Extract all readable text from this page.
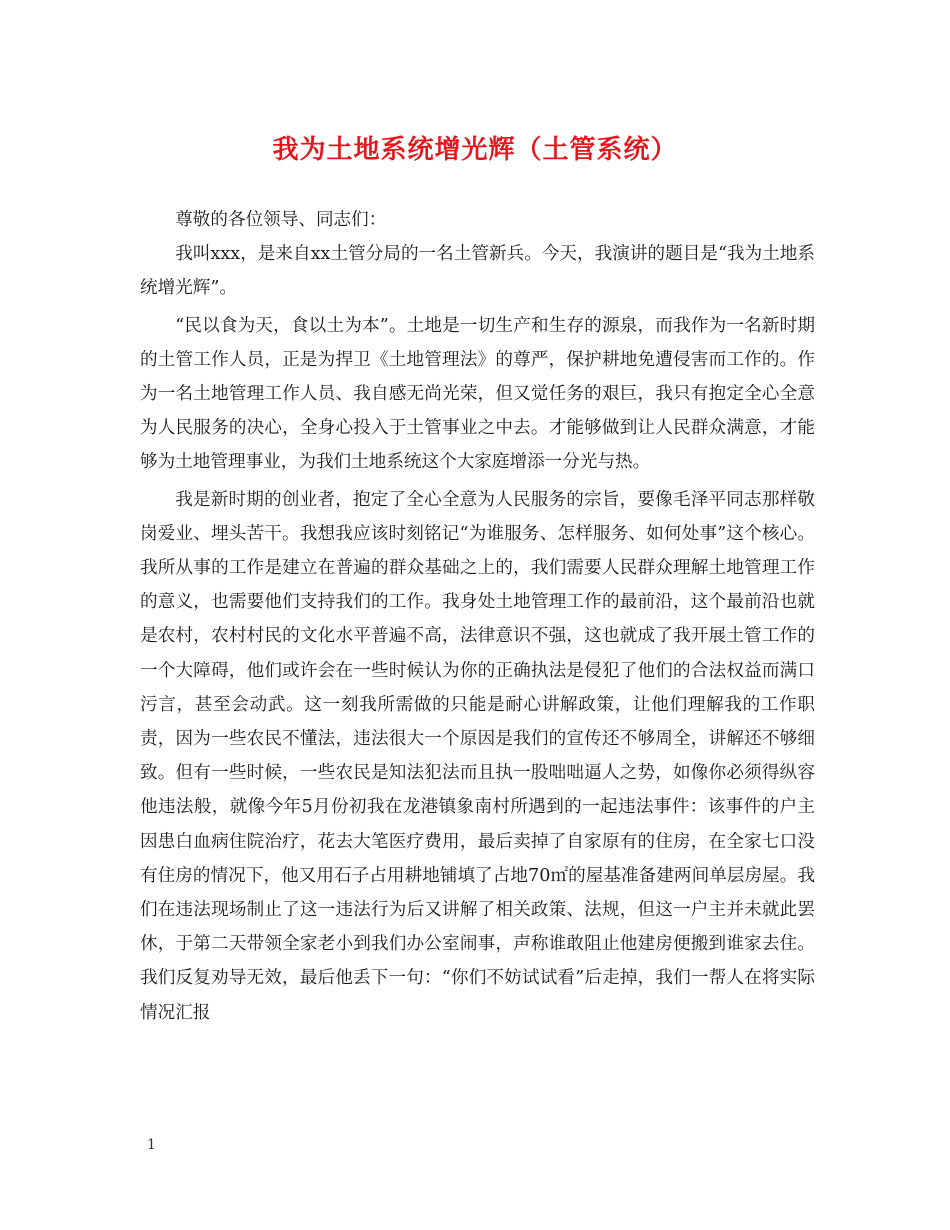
我为土地系统增光辉（土管系统）

尊敬的各位领导、同志们：

我叫xxx，是来自xx土管分局的一名土管新兵。今天，我演讲的题目是“我为土地系统增光辉”。

“民以食为天，食以土为本”。土地是一切生产和生存的源泉，而我作为一名新时期的土管工作人员，正是为捍卫《土地管理法》的尊严，保护耕地免遭侵害而工作的。作为一名土地管理工作人员、我自感无尚光荣，但又觉任务的艰巨，我只有抱定全心全意为人民服务的决心，全身心投入于土管事业之中去。才能够做到让人民群众满意，才能够为土地管理事业，为我们土地系统这个大家庭增添一分光与热。

我是新时期的创业者，抱定了全心全意为人民服务的宗旨，要像毛泽平同志那样敬岗爱业、埋头苦干。我想我应该时刻铭记“为谁服务、怎样服务、如何处事”这个核心。我所从事的工作是建立在普遍的群众基础之上的，我们需要人民群众理解土地管理工作的意义，也需要他们支持我们的工作。我身处土地管理工作的最前沿，这个最前沿也就是农村，农村村民的文化水平普遍不高，法律意识不强，这也就成了我开展土管工作的一个大障碍，他们或许会在一些时候认为你的正确执法是侵犯了他们的合法权益而满口污言，甚至会动武。这一刻我所需做的只能是耐心讲解政策，让他们理解我的工作职责，因为一些农民不懂法，违法很大一个原因是我们的宣传还不够周全，讲解还不够细致。但有一些时候，一些农民是知法犯法而且执一股咄咄逼人之势，如像你必须得纵容他违法般，就像今年5月份初我在龙港镇象南村所遇到的一起违法事件：该事件的户主因患白血病住院治疗，花去大笔医疗费用，最后卖掉了自家原有的住房，在全家七口没有住房的情况下，他又用石子占用耕地铺填了占地70㎡的屋基准备建两间单层房屋。我们在违法现场制止了这一违法行为后又讲解了相关政策、法规，但这一户主并未就此罢休，于第二天带领全家老小到我们办公室闹事，声称谁敢阻止他建房便搬到谁家去住。我们反复劝导无效，最后他丢下一句：“你们不妨试试看”后走掉，我们一帮人在将实际情况汇报

1
